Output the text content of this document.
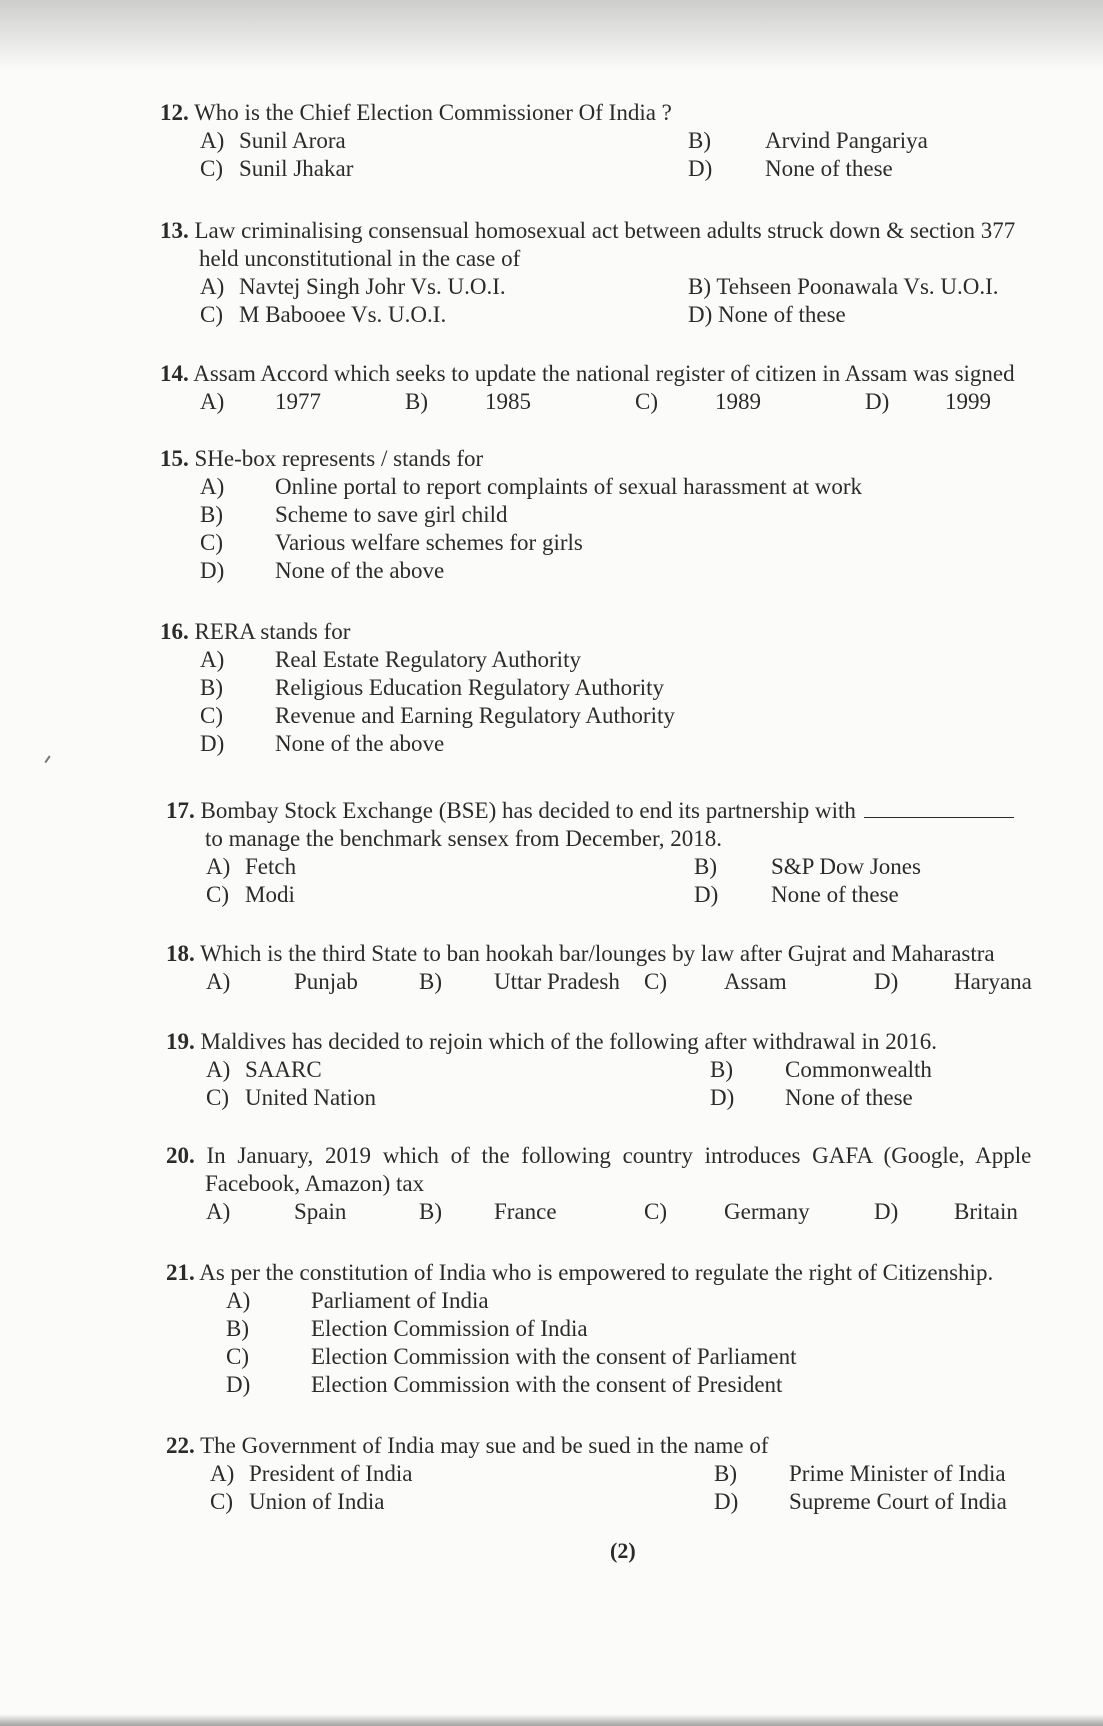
12. Who is the Chief Election Commissioner Of India ?
A) Sunil Arora	B)	Arvind Pangariya
C) Sunil Jhakar	D)	None of these
13. Law criminalising consensual homosexual act between adults struck down & section 377
held unconstitutional in the case of
A) Navtej Singh Johr Vs. U.O.I.	B) Tehseen Poonawala Vs. U.O.I.
C) M Babooee Vs. U.O.I.	D) None of these
14. Assam Accord which seeks to update the national register of citizen in Assam was signed
A)	1977	B)	1985	C)	1989	D)	1999
15. SHe-box represents / stands for
A)	Online portal to report complaints of sexual harassment at work
B)	Scheme to save girl child
C)	Various welfare schemes for girls
D)	None of the above
16. RERA stands for
A)	Real Estate Regulatory Authority
B)	Religious Education Regulatory Authority
C)	Revenue and Earning Regulatory Authority
D)	None of the above
17. Bombay Stock Exchange (BSE) has decided to end its partnership with
to manage the benchmark sensex from December, 2018.
A) Fetch	B)	S&P Dow Jones
C) Modi	D)	None of these
18. Which is the third State to ban hookah bar/lounges by law after Gujrat and Maharastra
A)	Punjab	B)	Uttar Pradesh	C)	Assam	D)	Haryana
19. Maldives has decided to rejoin which of the following after withdrawal in 2016.
A) SAARC	B)	Commonwealth
C) United Nation	D)	None of these
20. In January, 2019 which of the following country introduces GAFA (Google, Apple
Facebook, Amazon) tax
A)	Spain	B)	France	C)	Germany	D)	Britain
21. As per the constitution of India who is empowered to regulate the right of Citizenship.
A)	Parliament of India
B)	Election Commission of India
C)	Election Commission with the consent of Parliament
D)	Election Commission with the consent of President
22. The Government of India may sue and be sued in the name of
A) President of India	B)	Prime Minister of India
C) Union of India	D)	Supreme Court of India
(2)
